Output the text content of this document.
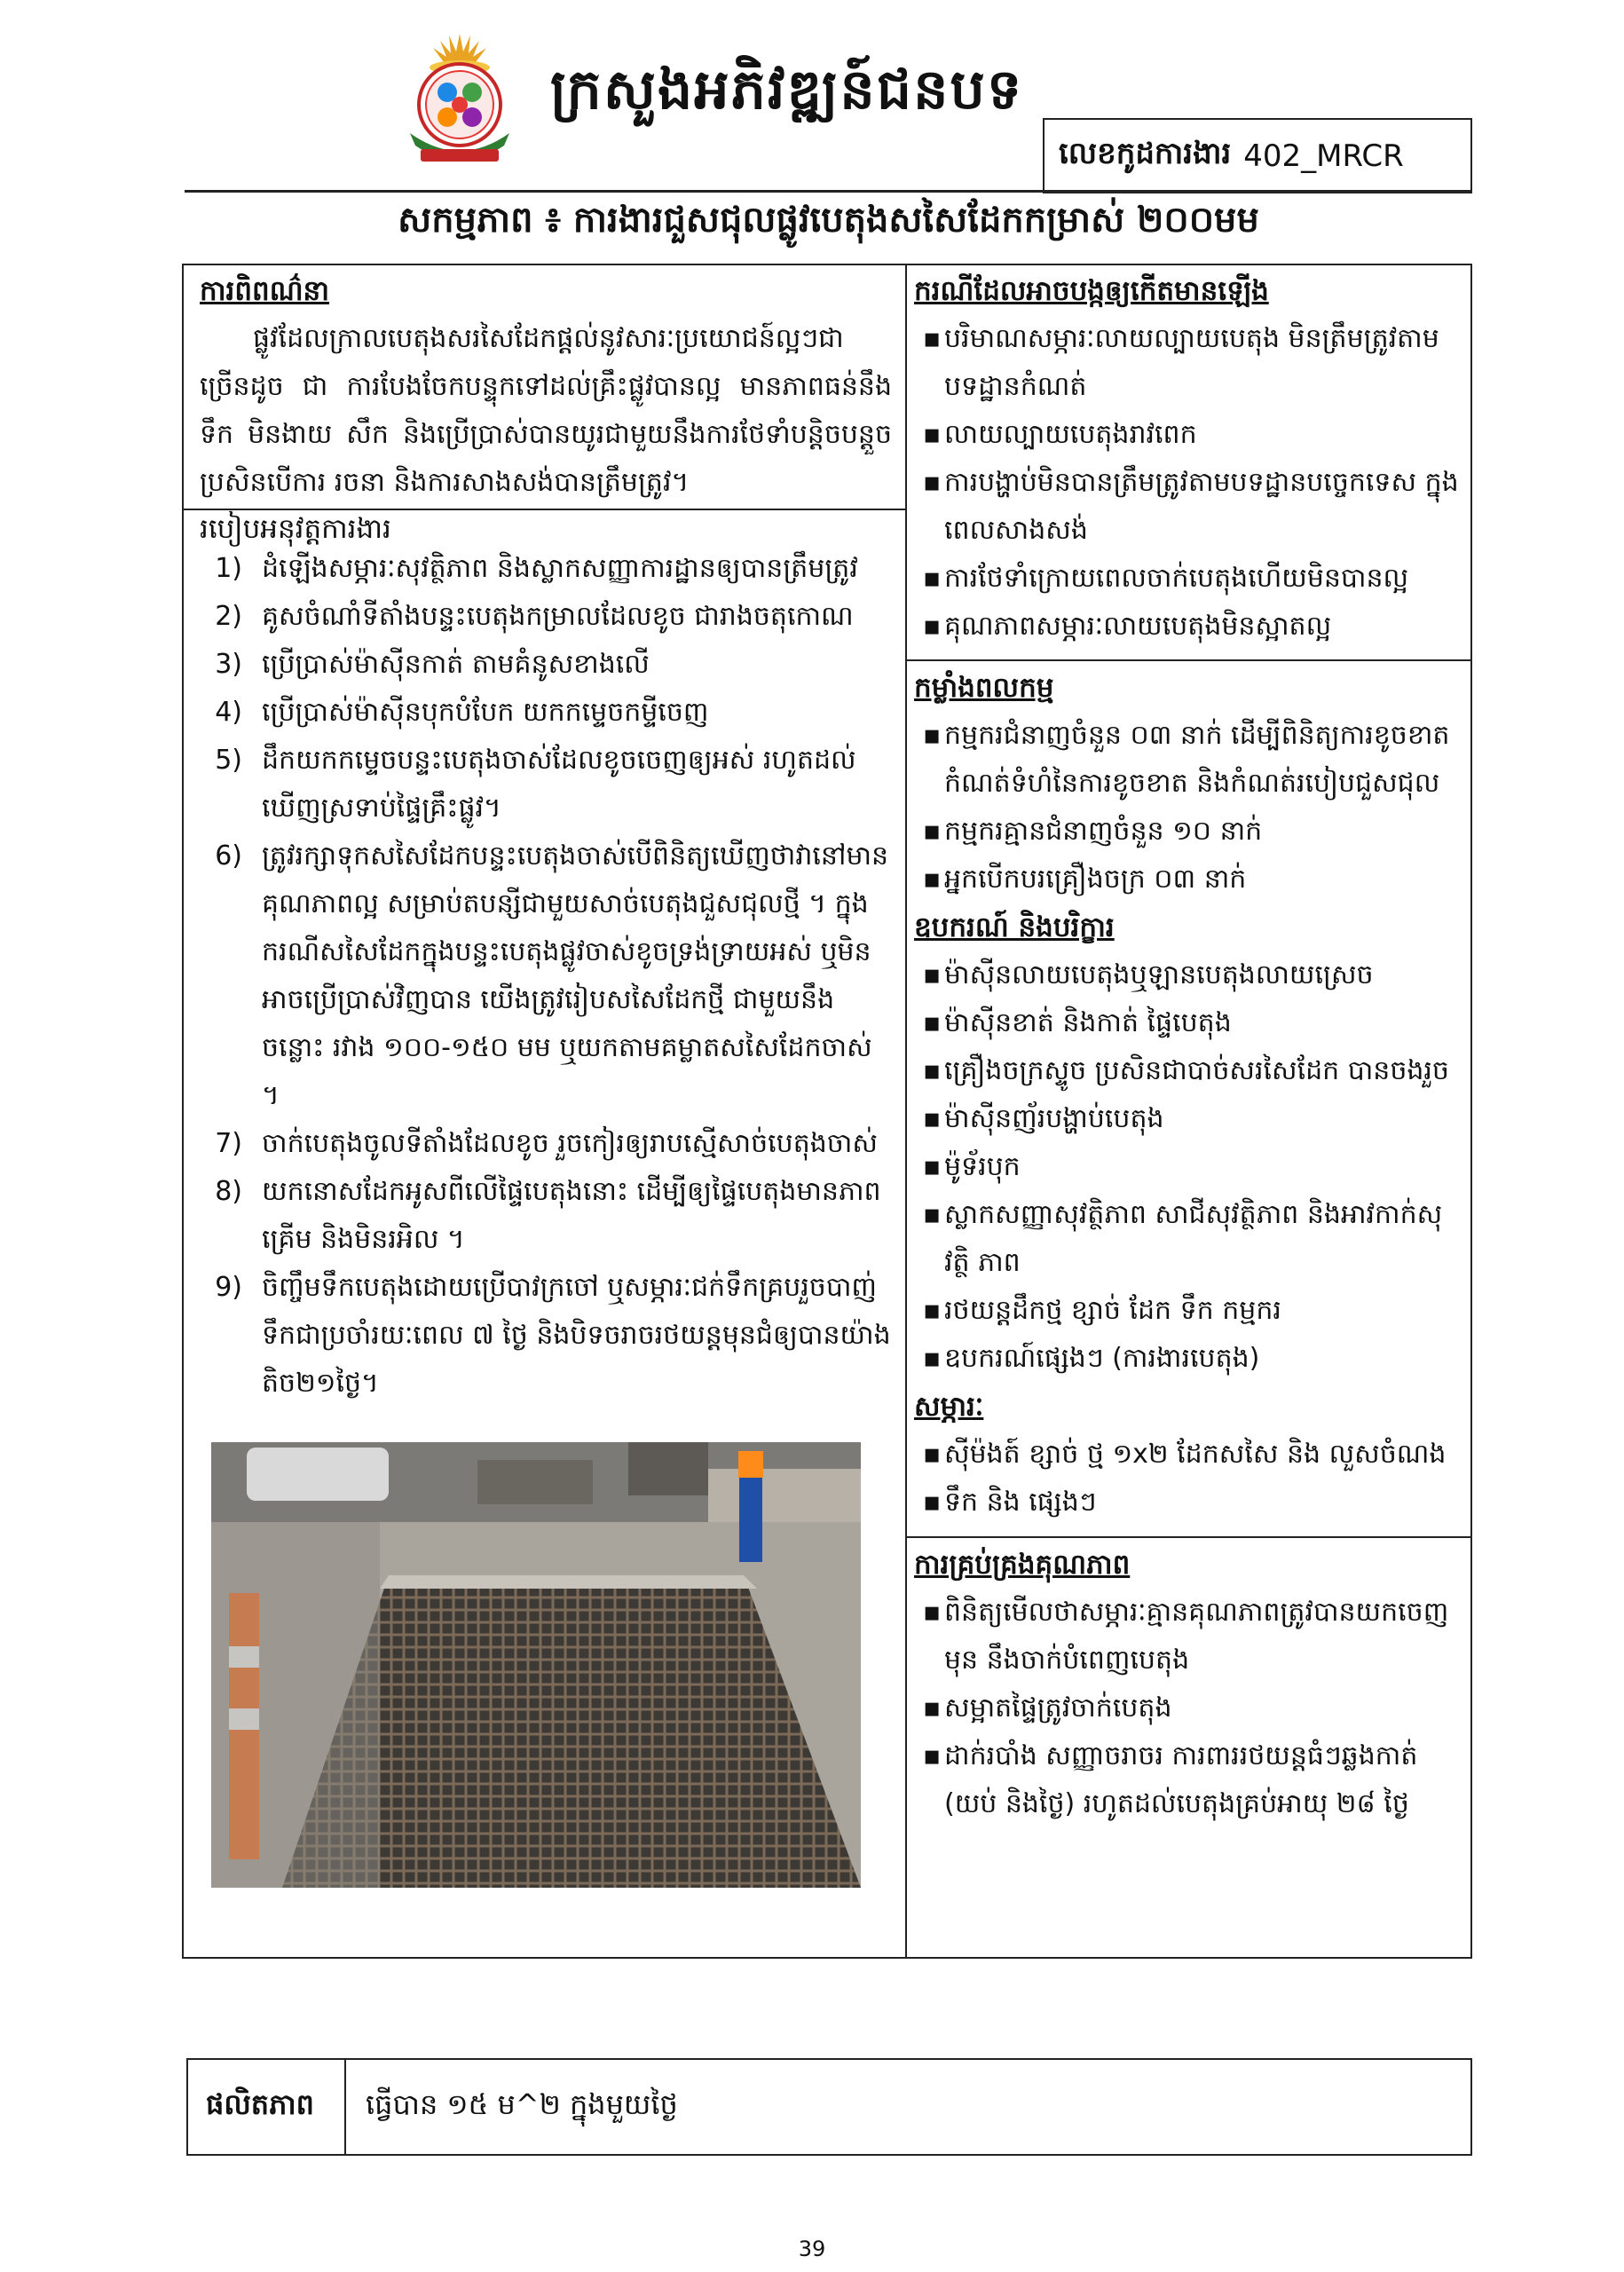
ក្រសួងអភិវឌ្ឍន៍ជនបទ
លេខកូដការងារ 402_MRCR
សកម្មភាព ៖ ការងារជួសជុលផ្លូវបេតុងសសៃដែកកម្រាស់ ២០០មម
ការពិពណ៌នា
ផ្លូវដែលក្រាលបេតុងសរសៃដែកផ្ដល់នូវសារៈប្រយោជន៍ល្អៗជាច្រើនដូច ជា ការបែងចែកបន្ទុកទៅដល់គ្រឹះផ្លូវបានល្អ មានភាពធន់នឹងទឹក មិនងាយ សឹក និងប្រើប្រាស់បានយូរជាមួយនឹងការថែទាំបន្តិចបន្តួច ប្រសិនបើការ រចនា និងការសាងសង់បានត្រឹមត្រូវ។
របៀបអនុវត្តការងារ
1) ដំឡើងសម្ភារៈសុវត្ថិភាព និងស្លាកសញ្ញាការដ្ឋានឲ្យបានត្រឹមត្រូវ
2) គូសចំណាំទីតាំងបន្ទះបេតុងកម្រាលដែលខូច ជារាងចតុកោណ
3) ប្រើប្រាស់ម៉ាស៊ីនកាត់ តាមគំនូសខាងលើ
4) ប្រើប្រាស់ម៉ាស៊ីនបុកបំបែក យកកម្ទេចកម្ទីចេញ
5) ដឹកយកកម្ទេចបន្ទះបេតុងចាស់ដែលខូចចេញឲ្យអស់ រហូតដល់ ឃើញស្រទាប់ផ្ទៃគ្រឹះផ្លូវ។
6) ត្រូវរក្សាទុកសសៃដែកបន្ទះបេតុងចាស់បើពិនិត្យឃើញថាវានៅមាន គុណភាពល្អ សម្រាប់តបន្សីជាមួយសាច់បេតុងជួសជុលថ្មី ។ ក្នុង ករណីសសៃដែកក្នុងបន្ទះបេតុងផ្លូវចាស់ខូចទ្រង់ទ្រាយអស់ ឬមិន អាចប្រើប្រាស់វិញបាន យើងត្រូវរៀបសសៃដែកថ្មី ជាមួយនឹងចន្លោះ រវាង ១០០-១៥០ មម ឬយកតាមគម្លាតសសៃដែកចាស់ ។
7) ចាក់បេតុងចូលទីតាំងដែលខូច រួចកៀរឲ្យរាបស្មើសាច់បេតុងចាស់
8) យកនោសដែកអូសពីលើផ្ទៃបេតុងនោះ ដើម្បីឲ្យផ្ទៃបេតុងមានភាព គ្រើម និងមិនរអិល ។
9) ចិញ្ចឹមទឹកបេតុងដោយប្រើបាវក្រចៅ ឬសម្ភារៈជក់ទឹកគ្របរួចបាញ់ ទឹកជាប្រចាំរយៈពេល ៧ ថ្ងៃ និងបិទចរាចរថយន្តមុនជំឲ្យបានយ៉ាង តិច២១ថ្ងៃ។
ករណីដែលអាចបង្កឲ្យកើតមានឡើង
▪ បរិមាណសម្ភារៈលាយល្បាយបេតុង មិនត្រឹមត្រូវតាម បទដ្ឋានកំណត់
▪ លាយល្បាយបេតុងរាវពេក
▪ ការបង្ហាប់មិនបានត្រឹមត្រូវតាមបទដ្ឋានបច្ចេកទេស ក្នុង ពេលសាងសង់
▪ ការថែទាំក្រោយពេលចាក់បេតុងហើយមិនបានល្អ
▪ គុណភាពសម្ភារៈលាយបេតុងមិនស្អាតល្អ
កម្លាំងពលកម្ម
▪ កម្មករជំនាញចំនួន ០៣ នាក់ ដើម្បីពិនិត្យការខូចខាត កំណត់ទំហំនៃការខូចខាត និងកំណត់របៀបជួសជុល
▪ កម្មករគ្មានជំនាញចំនួន ១០ នាក់
▪ អ្នកបើកបរគ្រឿងចក្រ ០៣ នាក់
ឧបករណ៍ និងបរិក្ខារ
▪ ម៉ាស៊ីនលាយបេតុងឬឡានបេតុងលាយស្រេច
▪ ម៉ាស៊ីនខាត់ និងកាត់ ផ្ទៃបេតុង
▪ គ្រឿងចក្រស្ទូច ប្រសិនជាបាច់សរសៃដែក បានចងរួច
▪ ម៉ាស៊ីនញ័របង្ហាប់បេតុង
▪ ម៉ូទ័របុក
▪ ស្លាកសញ្ញាសុវត្ថិភាព សាជីសុវត្ថិភាព និងអាវកាក់សុវត្ថិ ភាព
▪ រថយន្តដឹកថ្ម ខ្សាច់ ដែក ទឹក កម្មករ
▪ ឧបករណ៍ផ្សេងៗ (ការងារបេតុង)
សម្ភារៈ
▪ ស៊ីម៉ងត៍ ខ្សាច់ ថ្ម ១x២ ដែកសសៃ និង លួសចំណង
▪ ទឹក និង ផ្សេងៗ
ការគ្រប់គ្រងគុណភាព
▪ ពិនិត្យមើលថាសម្ភារៈគ្មានគុណភាពត្រូវបានយកចេញមុន នឹងចាក់បំពេញបេតុង
▪ សម្អាតផ្ទៃត្រូវចាក់បេតុង
▪ ដាក់របាំង សញ្ញាចរាចរ ការពាររថយន្តធំៗឆ្លងកាត់ (យប់ និងថ្ងៃ) រហូតដល់បេតុងគ្រប់អាយុ ២៨ ថ្ងៃ
ផលិតភាព	ធ្វើបាន ១៥ ម^២ ក្នុងមួយថ្ងៃ
39
